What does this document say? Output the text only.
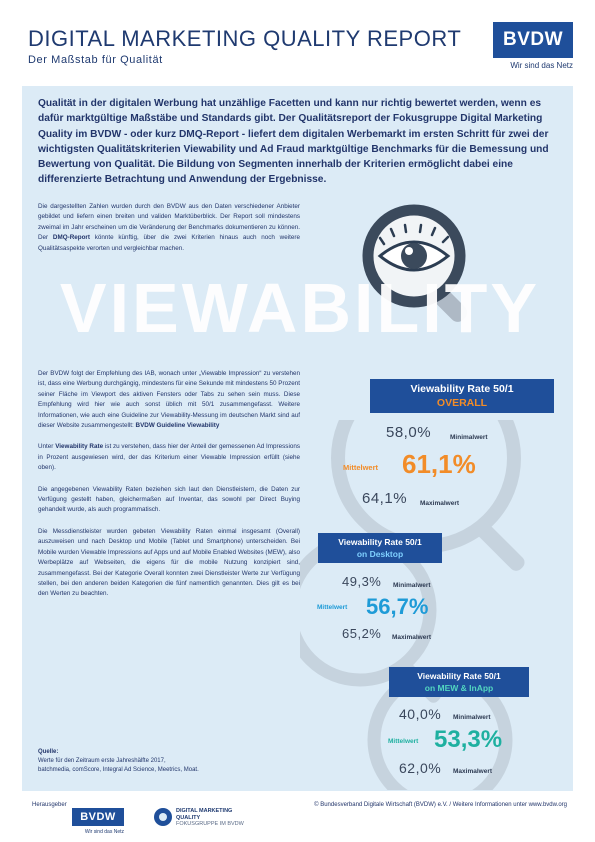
DIGITAL MARKETING QUALITY REPORT
Der Maßstab für Qualität
BVDW
Wir sind das Netz
Qualität in der digitalen Werbung hat unzählige Facetten und kann nur richtig bewertet werden, wenn es dafür marktgültige Maßstäbe und Standards gibt. Der Qualitätsreport der Fokusgruppe Digital Marketing Quality im BVDW - oder kurz DMQ-Report - liefert dem digitalen Werbemarkt im ersten Schritt für zwei der wichtigsten Qualitätskriterien Viewability und Ad Fraud marktgültige Benchmarks für die Bemessung und Bewertung von Qualität. Die Bildung von Segmenten innerhalb der Kriterien ermöglicht dabei eine differenzierte Betrachtung und Anwendung der Ergebnisse.
Die dargestellten Zahlen wurden durch den BVDW aus den Daten verschiedener Anbieter gebildet und liefern einen breiten und validen Marktüberblick. Der Report soll mindestens zweimal im Jahr erscheinen um die Veränderung der Benchmarks dokumentieren zu können. Der DMQ-Report könnte künftig, über die zwei Kriterien hinaus auch noch weitere Qualitätsaspekte verorten und vergleichbar machen.
VIEWABILITY

Der BVDW folgt der Empfehlung des IAB, wonach unter „Viewable Impression“ zu verstehen ist, dass eine Werbung durchgängig, mindestens für eine Sekunde mit mindestens 50 Prozent seiner Fläche im Viewport des aktiven Fensters oder Tabs zu sehen sein muss. Diese Empfehlung wird hier wie auch sonst üblich mit 50/1 zusammengefasst. Weitere Informationen, wie auch eine Guideline zur Viewability-Messung im deutschen Markt sind auf dieser Website zusammengestellt: BVDW Guideline Viewability

Unter Viewability Rate ist zu verstehen, dass hier der Anteil der gemessenen Ad Impressions in Prozent ausgewiesen wird, der das Kriterium einer Viewable Impression erfüllt (siehe oben).

Die angegebenen Viewability Raten beziehen sich laut den Dienstleistern, die Daten zur Verfügung gestellt haben, gleichermaßen auf Inventar, das sowohl per Direct Buying gehandelt wurde, als auch programmatisch.

Die Messdienstleister wurden gebeten Viewability Raten einmal insgesamt (Overall) auszuweisen und nach Desktop und Mobile (Tablet und Smartphone) unterscheiden. Bei Mobile wurden Viewable Impressions auf Apps und auf Mobile Enabled Websites (MEW), also Werbeplätze auf Webseiten, die eigens für die mobile Nutzung konzipiert sind, zusammengefasst. Bei der Kategorie Overall konnten zwei Dienstleister Werte zur Verfügung stellen, bei den anderen beiden Kategorien die fünf namentlich genannten. Dies gilt es bei den Werten zu beachten.

Viewability Rate 50/1
OVERALL
58,0%	Minimalwert
Mittelwert 61,1%
64,1% Maximalwert
Viewability Rate 50/1
on Desktop
49,3% Minimalwert
Mittelwert 56,7%
65,2% Maximalwert
Viewability Rate 50/1
on MEW & InApp
40,0% Minimalwert
Mittelwert 53,3%
62,0% Maximalwert
Quelle:
Werte für den Zeitraum erste Jahreshälfte 2017,
batchmedia, comScore, Integral Ad Science, Meetrics, Moat.
Herausgeber
BVDW
Wir sind das Netz
DIGITAL MARKETING
QUALITY
FOKUSGRUPPE IM BVDW
© Bundesverband Digitale Wirtschaft (BVDW) e.V. / Weitere Informationen unter www.bvdw.org
